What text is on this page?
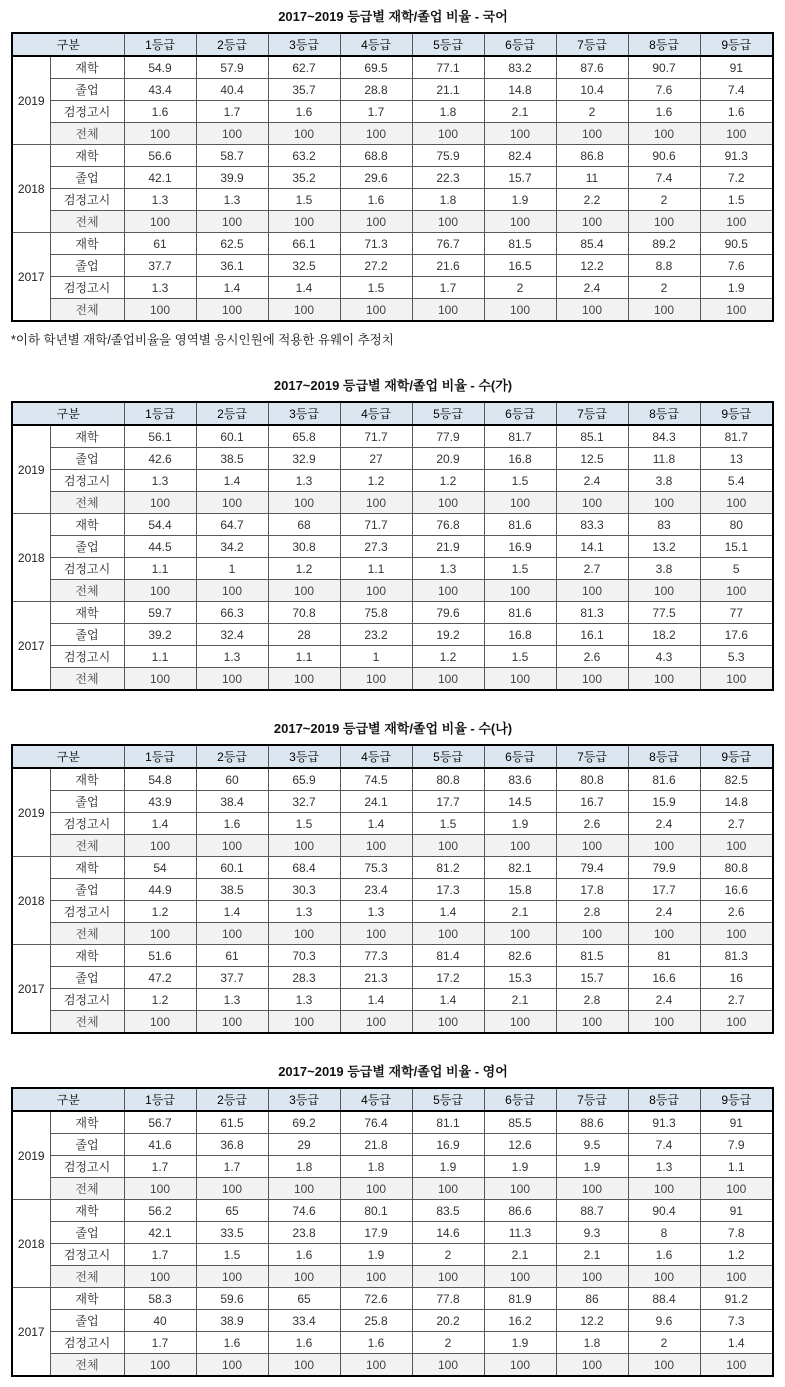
2017~2019 등급별 재학/졸업 비율 - 국어
구분		1등급	2등급	3등급	4등급	5등급	6등급	7등급	8등급	9등급
2019	재학	54.9	57.9	62.7	69.5	77.1	83.2	87.6	90.7	91
	졸업	43.4	40.4	35.7	28.8	21.1	14.8	10.4	7.6	7.4
	검정고시	1.6	1.7	1.6	1.7	1.8	2.1	2	1.6	1.6
	전체	100	100	100	100	100	100	100	100	100
2018	재학	56.6	58.7	63.2	68.8	75.9	82.4	86.8	90.6	91.3
	졸업	42.1	39.9	35.2	29.6	22.3	15.7	11	7.4	7.2
	검정고시	1.3	1.3	1.5	1.6	1.8	1.9	2.2	2	1.5
	전체	100	100	100	100	100	100	100	100	100
2017	재학	61	62.5	66.1	71.3	76.7	81.5	85.4	89.2	90.5
	졸업	37.7	36.1	32.5	27.2	21.6	16.5	12.2	8.8	7.6
	검정고시	1.3	1.4	1.4	1.5	1.7	2	2.4	2	1.9
	전체	100	100	100	100	100	100	100	100	100
*이하 학년별 재학/졸업비율을 영역별 응시인원에 적용한 유웨이 추정치
2017~2019 등급별 재학/졸업 비율 - 수(가)
구분		1등급	2등급	3등급	4등급	5등급	6등급	7등급	8등급	9등급
2019	재학	56.1	60.1	65.8	71.7	77.9	81.7	85.1	84.3	81.7
	졸업	42.6	38.5	32.9	27	20.9	16.8	12.5	11.8	13
	검정고시	1.3	1.4	1.3	1.2	1.2	1.5	2.4	3.8	5.4
	전체	100	100	100	100	100	100	100	100	100
2018	재학	54.4	64.7	68	71.7	76.8	81.6	83.3	83	80
	졸업	44.5	34.2	30.8	27.3	21.9	16.9	14.1	13.2	15.1
	검정고시	1.1	1	1.2	1.1	1.3	1.5	2.7	3.8	5
	전체	100	100	100	100	100	100	100	100	100
2017	재학	59.7	66.3	70.8	75.8	79.6	81.6	81.3	77.5	77
	졸업	39.2	32.4	28	23.2	19.2	16.8	16.1	18.2	17.6
	검정고시	1.1	1.3	1.1	1	1.2	1.5	2.6	4.3	5.3
	전체	100	100	100	100	100	100	100	100	100
2017~2019 등급별 재학/졸업 비율 - 수(나)
구분		1등급	2등급	3등급	4등급	5등급	6등급	7등급	8등급	9등급
2019	재학	54.8	60	65.9	74.5	80.8	83.6	80.8	81.6	82.5
	졸업	43.9	38.4	32.7	24.1	17.7	14.5	16.7	15.9	14.8
	검정고시	1.4	1.6	1.5	1.4	1.5	1.9	2.6	2.4	2.7
	전체	100	100	100	100	100	100	100	100	100
2018	재학	54	60.1	68.4	75.3	81.2	82.1	79.4	79.9	80.8
	졸업	44.9	38.5	30.3	23.4	17.3	15.8	17.8	17.7	16.6
	검정고시	1.2	1.4	1.3	1.3	1.4	2.1	2.8	2.4	2.6
	전체	100	100	100	100	100	100	100	100	100
2017	재학	51.6	61	70.3	77.3	81.4	82.6	81.5	81	81.3
	졸업	47.2	37.7	28.3	21.3	17.2	15.3	15.7	16.6	16
	검정고시	1.2	1.3	1.3	1.4	1.4	2.1	2.8	2.4	2.7
	전체	100	100	100	100	100	100	100	100	100
2017~2019 등급별 재학/졸업 비율 - 영어
구분		1등급	2등급	3등급	4등급	5등급	6등급	7등급	8등급	9등급
2019	재학	56.7	61.5	69.2	76.4	81.1	85.5	88.6	91.3	91
	졸업	41.6	36.8	29	21.8	16.9	12.6	9.5	7.4	7.9
	검정고시	1.7	1.7	1.8	1.8	1.9	1.9	1.9	1.3	1.1
	전체	100	100	100	100	100	100	100	100	100
2018	재학	56.2	65	74.6	80.1	83.5	86.6	88.7	90.4	91
	졸업	42.1	33.5	23.8	17.9	14.6	11.3	9.3	8	7.8
	검정고시	1.7	1.5	1.6	1.9	2	2.1	2.1	1.6	1.2
	전체	100	100	100	100	100	100	100	100	100
2017	재학	58.3	59.6	65	72.6	77.8	81.9	86	88.4	91.2
	졸업	40	38.9	33.4	25.8	20.2	16.2	12.2	9.6	7.3
	검정고시	1.7	1.6	1.6	1.6	2	1.9	1.8	2	1.4
	전체	100	100	100	100	100	100	100	100	100
